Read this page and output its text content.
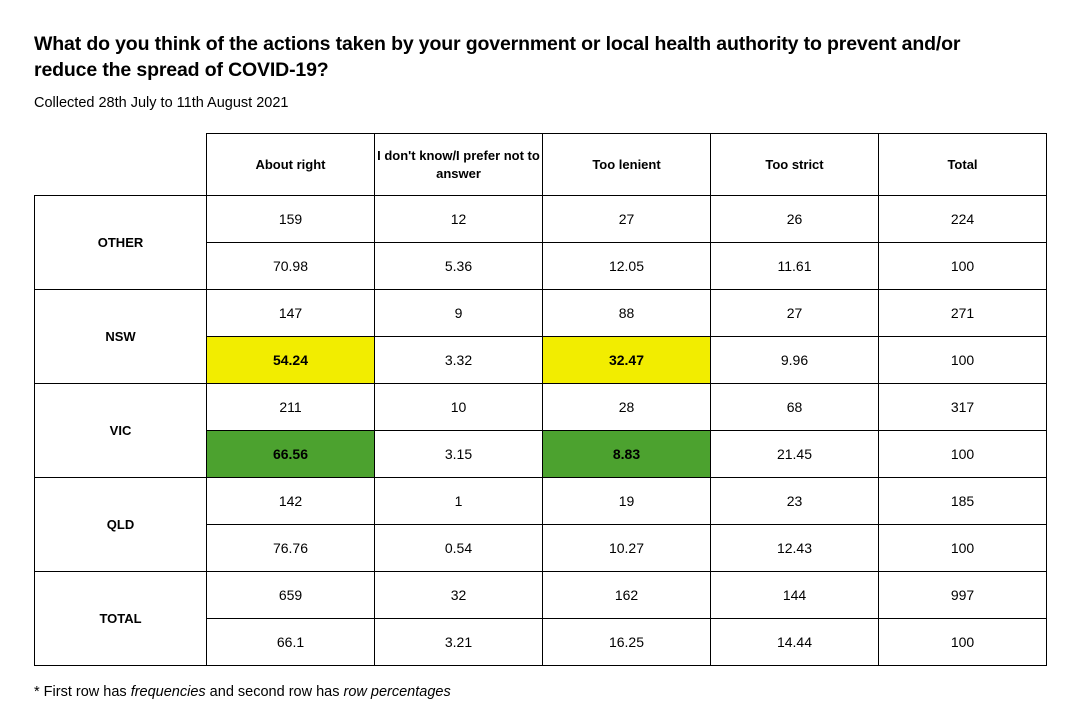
What do you think of the actions taken by your government or local health authority to prevent and/or reduce the spread of COVID-19?
Collected 28th July to 11th August 2021
	About right	I don't know/I prefer not to answer	Too lenient	Too strict	Total
OTHER	159	12	27	26	224
	70.98	5.36	12.05	11.61	100
NSW	147	9	88	27	271
	54.24	3.32	32.47	9.96	100
VIC	211	10	28	68	317
	66.56	3.15	8.83	21.45	100
QLD	142	1	19	23	185
	76.76	0.54	10.27	12.43	100
TOTAL	659	32	162	144	997
	66.1	3.21	16.25	14.44	100
* First row has frequencies and second row has row percentages
